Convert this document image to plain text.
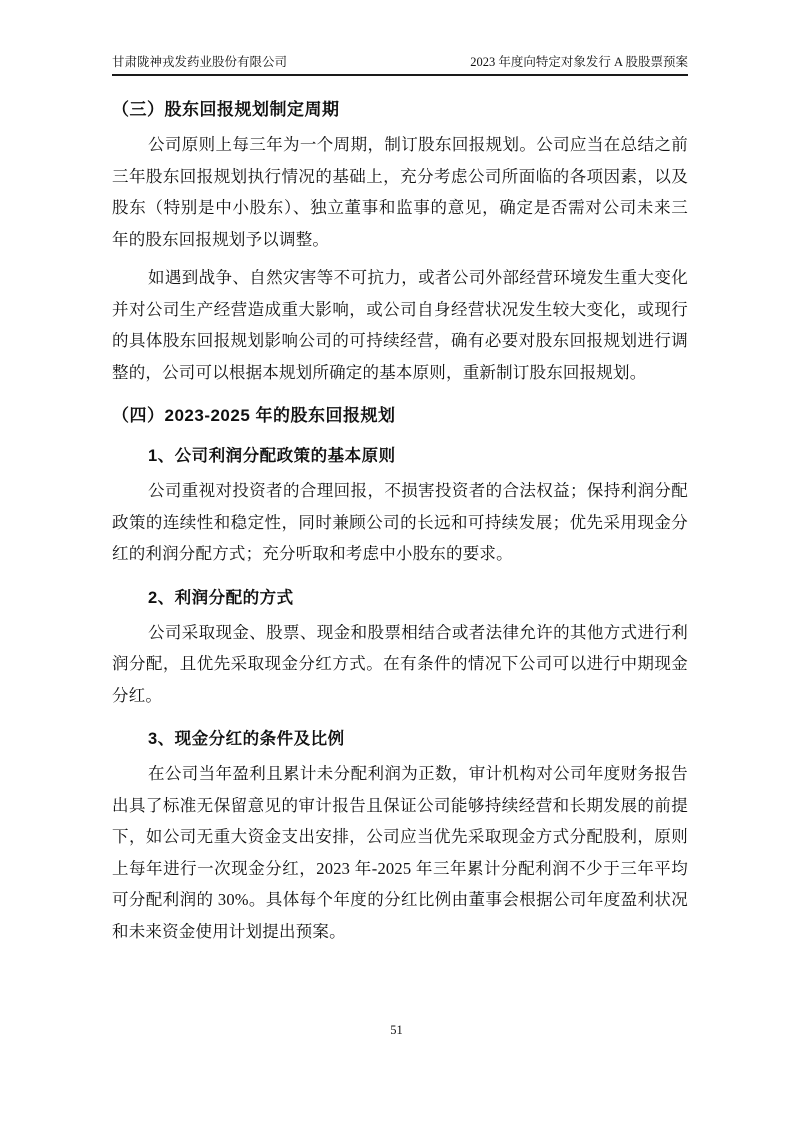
甘肃陇神戎发药业股份有限公司	2023 年度向特定对象发行 A 股股票预案
（三）股东回报规划制定周期

公司原则上每三年为一个周期，制订股东回报规划。公司应当在总结之前三年股东回报规划执行情况的基础上，充分考虑公司所面临的各项因素，以及股东（特别是中小股东）、独立董事和监事的意见，确定是否需对公司未来三年的股东回报规划予以调整。

如遇到战争、自然灾害等不可抗力，或者公司外部经营环境发生重大变化并对公司生产经营造成重大影响，或公司自身经营状况发生较大变化，或现行的具体股东回报规划影响公司的可持续经营，确有必要对股东回报规划进行调整的，公司可以根据本规划所确定的基本原则，重新制订股东回报规划。

（四）2023-2025 年的股东回报规划
1、公司利润分配政策的基本原则

公司重视对投资者的合理回报，不损害投资者的合法权益；保持利润分配政策的连续性和稳定性，同时兼顾公司的长远和可持续发展；优先采用现金分红的利润分配方式；充分听取和考虑中小股东的要求。

2、利润分配的方式

公司采取现金、股票、现金和股票相结合或者法律允许的其他方式进行利润分配，且优先采取现金分红方式。在有条件的情况下公司可以进行中期现金分红。

3、现金分红的条件及比例

在公司当年盈利且累计未分配利润为正数，审计机构对公司年度财务报告出具了标准无保留意见的审计报告且保证公司能够持续经营和长期发展的前提下，如公司无重大资金支出安排，公司应当优先采取现金方式分配股利，原则上每年进行一次现金分红，2023 年-2025 年三年累计分配利润不少于三年平均可分配利润的 30%。具体每个年度的分红比例由董事会根据公司年度盈利状况和未来资金使用计划提出预案。

51
